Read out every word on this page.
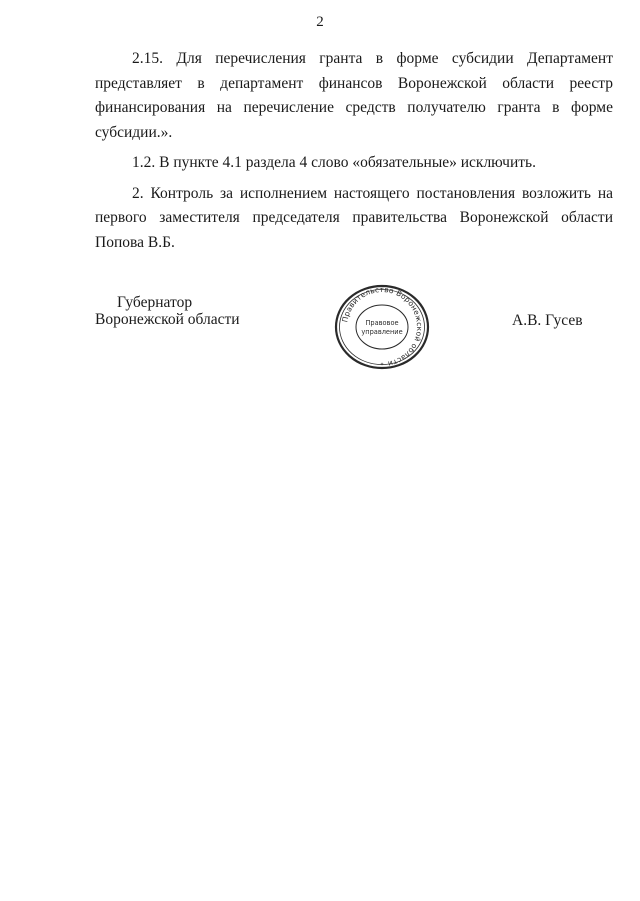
2

2.15. Для перечисления гранта в форме субсидии Департамент представляет в департамент финансов Воронежской области реестр финансирования на перечисление средств получателю гранта в форме субсидии.».

1.2. В пункте 4.1 раздела 4 слово «обязательные» исключить.

2. Контроль за исполнением настоящего постановления возложить на первого заместителя председателя правительства Воронежской области Попова В.Б.

Губернатор
Воронежской области	Правительство Воронежской области
Правовое
управление
*
А.В. Гусев
